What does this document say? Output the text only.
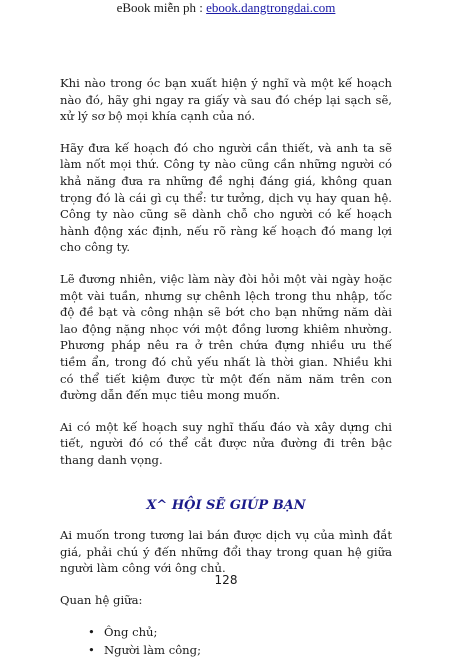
eBook miễn ph : ebook.dangtrongdai.com

Khi nào trong óc bạn xuất hiện ý nghĩ và một kế hoạch nào đó, hãy ghi ngay ra giấy và sau đó chép lại sạch sẽ, xử lý sơ bộ mọi khía cạnh của nó.

Hãy đưa kế hoạch đó cho người cần thiết, và anh ta sẽ làm nốt mọi thứ. Công ty nào cũng cần những người có khả năng đưa ra những đề nghị đáng giá, không quan trọng đó là cái gì cụ thể: tư tưởng, dịch vụ hay quan hệ. Công ty nào cũng sẽ dành chỗ cho người có kế hoạch hành động xác định, nếu rõ ràng kế hoạch đó mang lợi cho công ty.

Lẽ đương nhiên, việc làm này đòi hỏi một vài ngày hoặc một vài tuần, nhưng sự chênh lệch trong thu nhập, tốc độ đề bạt và công nhận sẽ bớt cho bạn những năm dài lao động nặng nhọc với một đồng lương khiêm nhường. Phương pháp nêu ra ở trên chứa đựng nhiều ưu thế tiềm ẩn, trong đó chủ yếu nhất là thời gian. Nhiều khi có thể tiết kiệm được từ một đến năm năm trên con đường dẫn đến mục tiêu mong muốn.

Ai có một kế hoạch suy nghĩ thấu đáo và xây dựng chi tiết, người đó có thể cắt được nửa đường đi trên bậc thang danh vọng.

X^ HỘI SẼ GIÚP BẠN

Ai muốn trong tương lai bán được dịch vụ của mình đắt giá, phải chú ý đến những đổi thay trong quan hệ giữa người làm công với ông chủ.

Quan hệ giữa:

• Ông chủ;
• Người làm công;
128
